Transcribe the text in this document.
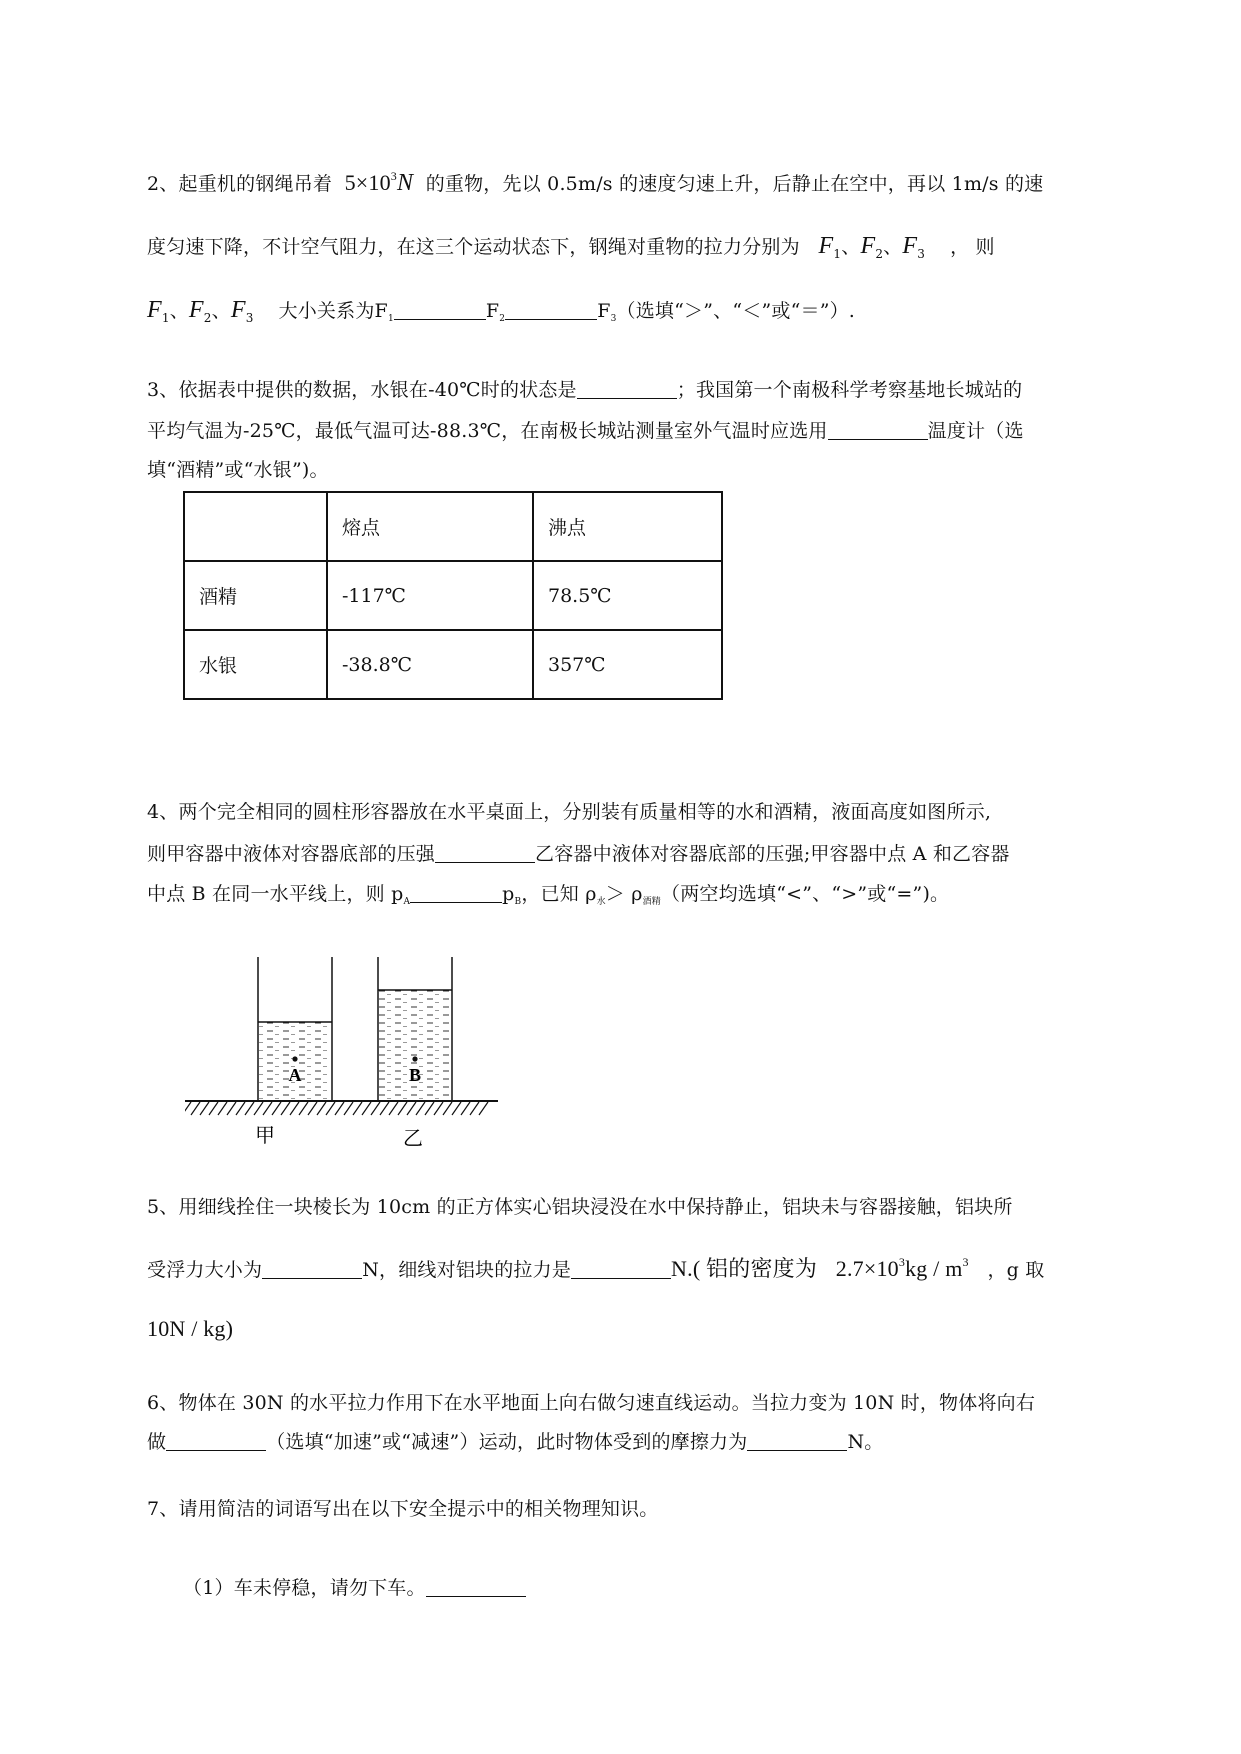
2、起重机的钢绳吊着 $5\times 10^3N$ 的重物，先以 0.5m/s 的速度匀速上升，后静止在空中，再以 1m/s 的速
度匀速下降，不计空气阻力，在这三个运动状态下，钢绳对重物的拉力分别为 $F_1$、$F_2$、$F_3$ ， 则
$F_1$、$F_2$、$F_3$ 大小关系为$F_1$	$F_2$	$F_3$（选填“＞”、“＜”或“＝”）.
3、依据表中提供的数据，水银在-40℃时的状态是	；我国第一个南极科学考察基地长城站的
平均气温为-25℃，最低气温可达-88.3℃，在南极长城站测量室外气温时应选用	温度计（选
填“酒精”或“水银”)。
	熔点	沸点
酒精	-117℃	78.5℃
水银	-38.8℃	357℃
4、两个完全相同的圆柱形容器放在水平桌面上，分别装有质量相等的水和酒精，液面高度如图所示,
则甲容器中液体对容器底部的压强	乙容器中液体对容器底部的压强;甲容器中点 A 和乙容器
中点 B 在同一水平线上，则 $p_A$	$p_B$，已知 $\rho_水> \rho_{酒精}$（两空均选填“<”、“>”或“=”)。
A	B
甲	乙
5、用细线拴住一块棱长为 10cm 的正方体实心铝块浸没在水中保持静止，铝块未与容器接触，铝块所
受浮力大小为	N，细线对铝块的拉力是	N.( 铝的密度为 $2.7\times 10^3kg / m^3$ ，g 取
10N / kg)
6、物体在 30N 的水平拉力作用下在水平地面上向右做匀速直线运动。当拉力变为 10N 时，物体将向右
做	（选填“加速”或“减速”）运动，此时物体受到的摩擦力为	N。
7、请用简洁的词语写出在以下安全提示中的相关物理知识。
（1）车未停稳，请勿下车。
